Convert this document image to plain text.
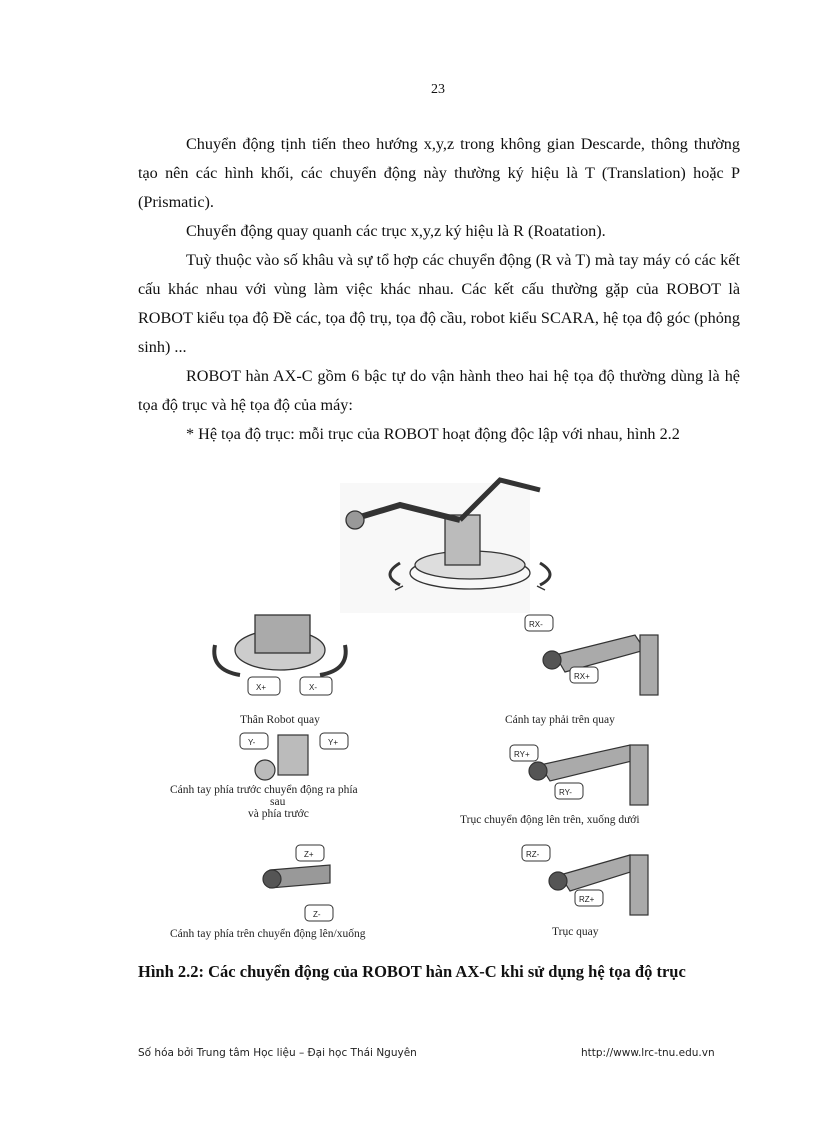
23

Chuyển động tịnh tiến theo hướng x,y,z trong không gian Descarde, thông thường tạo nên các hình khối, các chuyển động này thường ký hiệu là T (Translation) hoặc P (Prismatic).

Chuyển động quay quanh các trục x,y,z ký hiệu là R (Roatation).

Tuỳ thuộc vào số khâu và sự tổ hợp các chuyển động (R và T) mà tay máy có các kết cấu khác nhau với vùng làm việc khác nhau. Các kết cấu thường gặp của ROBOT là ROBOT kiểu tọa độ Đề các, tọa độ trụ, tọa độ cầu, robot kiểu SCARA, hệ tọa độ góc (phỏng sinh) ...

ROBOT hàn AX-C gồm 6 bậc tự do vận hành theo hai hệ tọa độ thường dùng là hệ tọa độ trục và hệ tọa độ của máy:

* Hệ tọa độ trục: mỗi trục của ROBOT hoạt động độc lập với nhau, hình 2.2

X+	X-
Thân Robot quay
Y-	Y+
Cánh tay phía trước chuyển động ra phía
sau
và phía trước
Z+
Z-
Cánh tay phía trên chuyển động lên/xuống
RX-
RX+
Cánh tay phải trên quay
RY+
RY-
Trục chuyển động lên trên, xuống dưới
RZ-
RZ+
Trục quay
Hình 2.2: Các chuyển động của ROBOT hàn AX-C khi sử dụng hệ tọa độ trục
Số hóa bởi Trung tâm Học liệu – Đại học Thái Nguyên	http://www.lrc-tnu.edu.vn
